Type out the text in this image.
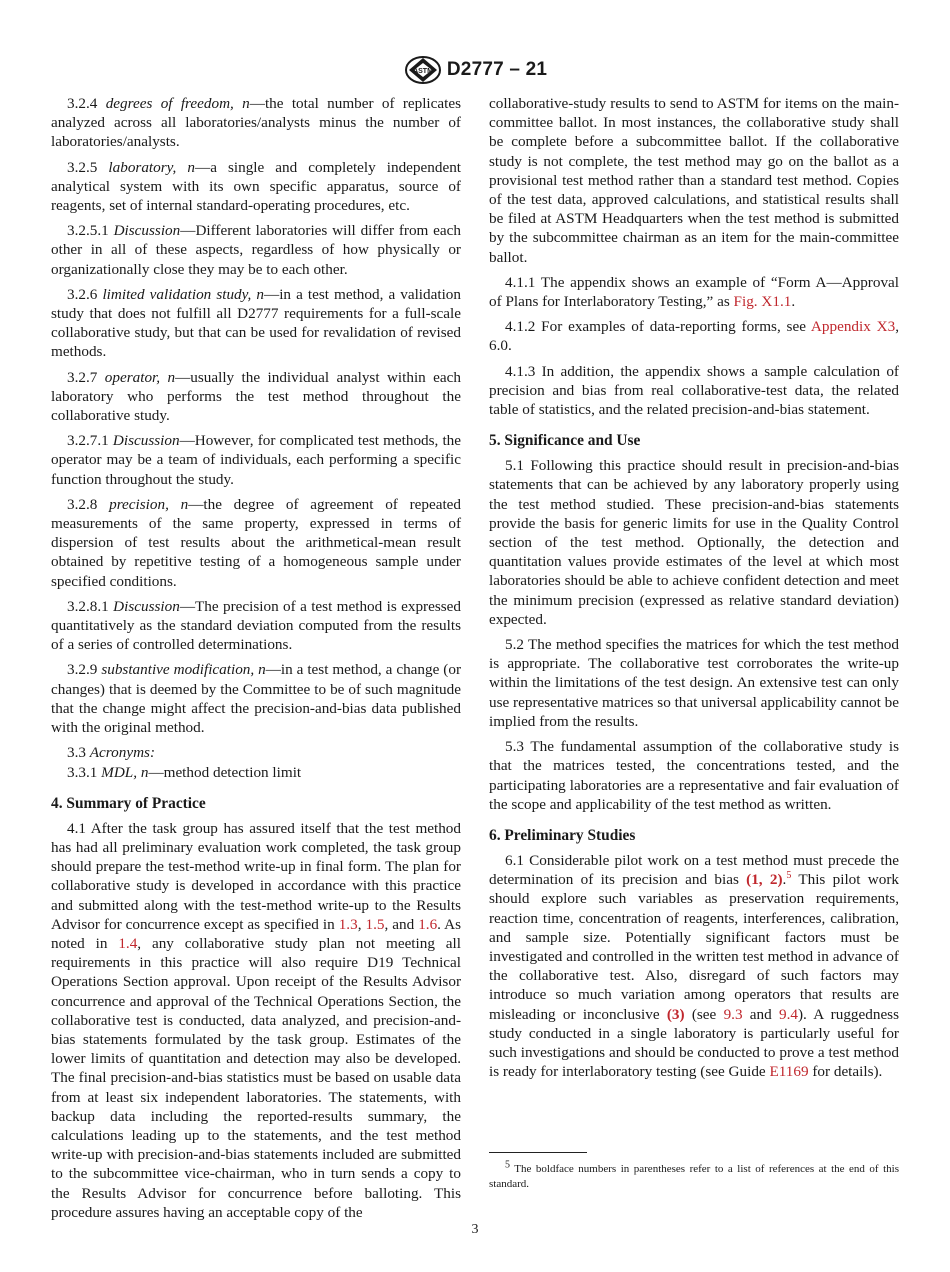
ASTM D2777 – 21

3.2.4 degrees of freedom, n—the total number of replicates analyzed across all laboratories/analysts minus the number of laboratories/analysts.

3.2.5 laboratory, n—a single and completely independent analytical system with its own specific apparatus, source of reagents, set of internal standard-operating procedures, etc.

3.2.5.1 Discussion—Different laboratories will differ from each other in all of these aspects, regardless of how physically or organizationally close they may be to each other.

3.2.6 limited validation study, n—in a test method, a validation study that does not fulfill all D2777 requirements for a full-scale collaborative study, but that can be used for revalidation of revised methods.

3.2.7 operator, n—usually the individual analyst within each laboratory who performs the test method throughout the collaborative study.

3.2.7.1 Discussion—However, for complicated test methods, the operator may be a team of individuals, each performing a specific function throughout the study.

3.2.8 precision, n—the degree of agreement of repeated measurements of the same property, expressed in terms of dispersion of test results about the arithmetical-mean result obtained by repetitive testing of a homogeneous sample under specified conditions.

3.2.8.1 Discussion—The precision of a test method is expressed quantitatively as the standard deviation computed from the results of a series of controlled determinations.

3.2.9 substantive modification, n—in a test method, a change (or changes) that is deemed by the Committee to be of such magnitude that the change might affect the precision-and-bias data published with the original method.

3.3 Acronyms:

3.3.1 MDL, n—method detection limit

4. Summary of Practice

4.1 After the task group has assured itself that the test method has had all preliminary evaluation work completed, the task group should prepare the test-method write-up in final form. The plan for collaborative study is developed in accordance with this practice and submitted along with the test-method write-up to the Results Advisor for concurrence except as specified in 1.3, 1.5, and 1.6. As noted in 1.4, any collaborative study plan not meeting all requirements in this practice will also require D19 Technical Operations Section approval. Upon receipt of the Results Advisor concurrence and approval of the Technical Operations Section, the collaborative test is conducted, data analyzed, and precision-and-bias statements formulated by the task group. Estimates of the lower limits of quantitation and detection may also be developed. The final precision-and-bias statistics must be based on usable data from at least six independent laboratories. The statements, with backup data including the reported-results summary, the calculations leading up to the statements, and the test method write-up with precision-and-bias statements included are submitted to the subcommittee vice-chairman, who in turn sends a copy to the Results Advisor for concurrence before balloting. This procedure assures having an acceptable copy of the

collaborative-study results to send to ASTM for items on the main-committee ballot. In most instances, the collaborative study shall be complete before a subcommittee ballot. If the collaborative study is not complete, the test method may go on the ballot as a provisional test method rather than a standard test method. Copies of the test data, approved calculations, and statistical results shall be filed at ASTM Headquarters when the test method is submitted by the subcommittee chairman as an item for the main-committee ballot.

4.1.1 The appendix shows an example of “Form A—Approval of Plans for Interlaboratory Testing,” as Fig. X1.1.

4.1.2 For examples of data-reporting forms, see Appendix X3, 6.0.

4.1.3 In addition, the appendix shows a sample calculation of precision and bias from real collaborative-test data, the related table of statistics, and the related precision-and-bias statement.

5. Significance and Use

5.1 Following this practice should result in precision-and-bias statements that can be achieved by any laboratory properly using the test method studied. These precision-and-bias statements provide the basis for generic limits for use in the Quality Control section of the test method. Optionally, the detection and quantitation values provide estimates of the level at which most laboratories should be able to achieve confident detection and meet the minimum precision (expressed as relative standard deviation) expected.

5.2 The method specifies the matrices for which the test method is appropriate. The collaborative test corroborates the write-up within the limitations of the test design. An extensive test can only use representative matrices so that universal applicability cannot be implied from the results.

5.3 The fundamental assumption of the collaborative study is that the matrices tested, the concentrations tested, and the participating laboratories are a representative and fair evaluation of the scope and applicability of the test method as written.

6. Preliminary Studies

6.1 Considerable pilot work on a test method must precede the determination of its precision and bias (1, 2).$^5$ This pilot work should explore such variables as preservation requirements, reaction time, concentration of reagents, interferences, calibration, and sample size. Potentially significant factors must be investigated and controlled in the written test method in advance of the collaborative test. Also, disregard of such factors may introduce so much variation among operators that results are misleading or inconclusive (3) (see 9.3 and 9.4). A ruggedness study conducted in a single laboratory is particularly useful for such investigations and should be conducted to prove a test method is ready for interlaboratory testing (see Guide E1169 for details).

$^5$ The boldface numbers in parentheses refer to a list of references at the end of this standard.
3
